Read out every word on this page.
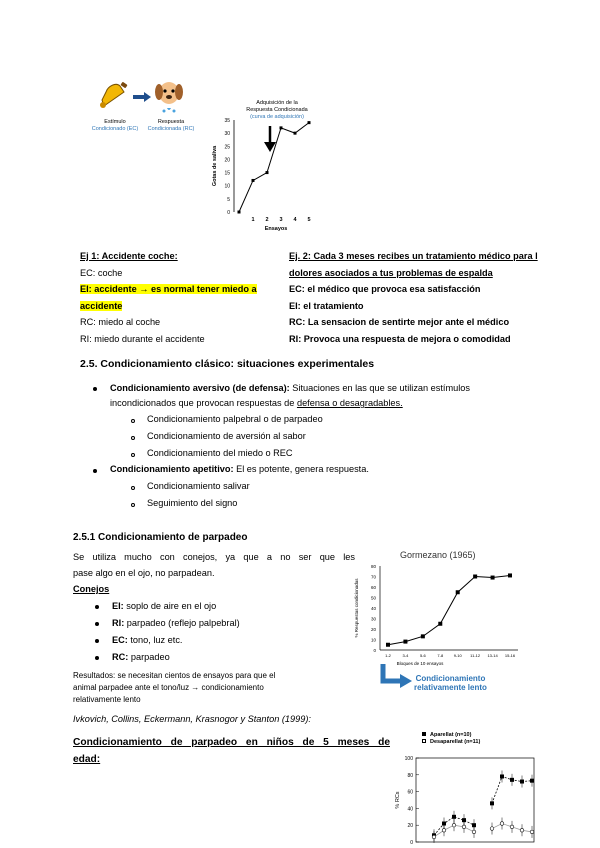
Estímulo
Condicionado (EC)
Respuesta
Condicionada (RC)
Adquisición de la
Respuesta Condicionada
(curva de adquisición)
0
5
10
15
20
25
30
35
1 2 3 4 5
Ensayos
Gotas de saliva
Ej 1: Accidente coche:
EC: coche
EI: accidente → es normal tener miedo a
accidente
RC: miedo al coche
RI: miedo durante el accidente
Ej. 2: Cada 3 meses recibes un tratamiento médico para l
dolores asociados a tus problemas de espalda
EC: el médico que provoca esa satisfacción
EI: el tratamiento
RC: La sensacion de sentirte mejor ante el médico
RI: Provoca una respuesta de mejora o comodidad
2.5. Condicionamiento clásico: situaciones experimentales
Condicionamiento aversivo (de defensa): Situaciones en las que se utilizan estímulos
incondicionados que provocan respuestas de defensa o desagradables.
Condicionamiento palpebral o de parpadeo
Condicionamiento de aversión al sabor
Condicionamiento del miedo o REC
Condicionamiento apetitivo: El es potente, genera respuesta.
Condicionamiento salivar
Seguimiento del signo
2.5.1 Condicionamiento de parpadeo
Se utiliza mucho con conejos, ya que a no ser que les
pase algo en el ojo, no parpadean.
Conejos
EI: soplo de aire en el ojo
RI: parpadeo (reflejo palpebral)
EC: tono, luz etc.
RC: parpadeo
Resultados: se necesitan cientos de ensayos para que el
animal parpadee ante el tono/luz → condicionamiento
relativamente lento
Ivkovich, Collins, Eckermann, Krasnogor y Stanton (1999):
Condicionamiento de parpadeo en niños de 5 meses de
edad:
Gormezano (1965)
0
10
20
30
40
50
60
70
80
1-2	3-4	5-6	7-8	9-10 11-12 13-14 15-16
Bloques de 10 ensayos
% Respuestas condicionadas
Condicionamiento
relativamente lento
Aparellat (n=10)
Desaparellat (n=11)
0
20
40
60
80
100
% RCs
